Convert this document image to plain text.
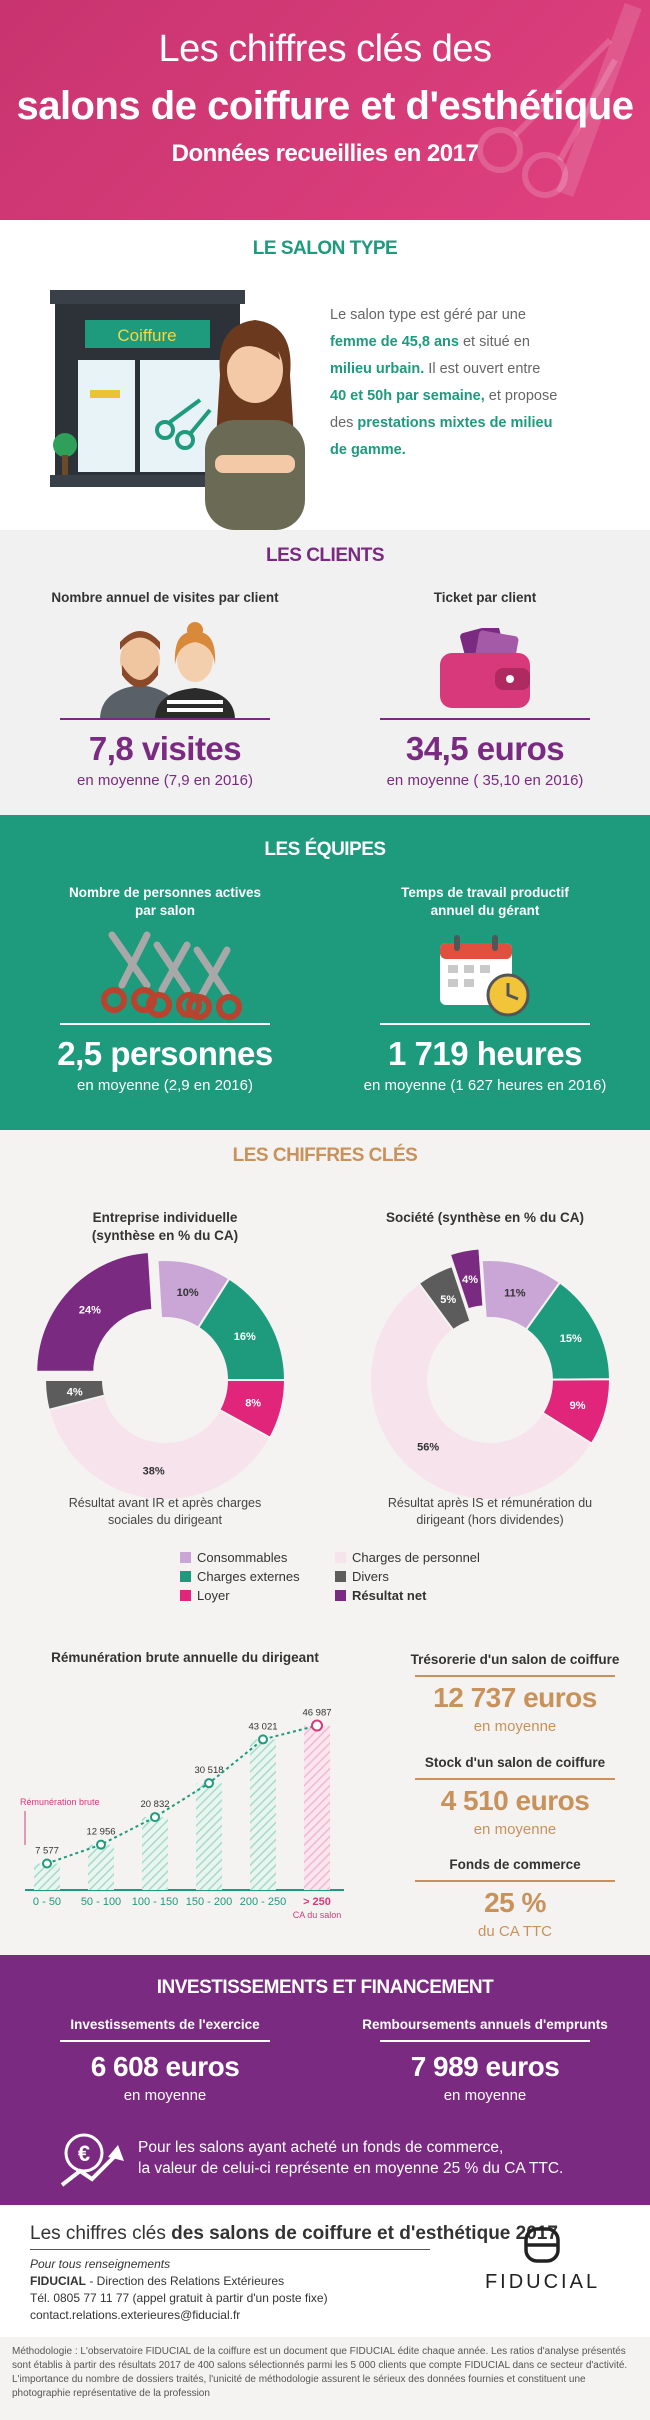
Les chiffres clés des
salons de coiffure et d'esthétique
Données recueillies en 2017
LE SALON TYPE
Coiffure
Le salon type est géré par une femme de 45,8 ans et situé en milieu urbain. Il est ouvert entre 40 et 50h par semaine, et propose des prestations mixtes de milieu de gamme.
LES CLIENTS
Nombre annuel de visites par client
7,8 visites
en moyenne (7,9 en 2016)
Ticket par client
34,5 euros
en moyenne ( 35,10 en 2016)
LES ÉQUIPES
Nombre de personnes actives
par salon
2,5 personnes
en moyenne (2,9 en 2016)
Temps de travail productif
annuel du gérant
1 719 heures
en moyenne (1 627 heures en 2016)
LES CHIFFRES CLÉS
Entreprise individuelle
(synthèse en % du CA)
10%
16%
8%
38%
4%
24%
Résultat avant IR et après charges sociales du dirigeant
Société (synthèse en % du CA)
11%
15%
9%
56%
5%
4%
Résultat après IS et rémunération du dirigeant (hors dividendes)
Consommables	Charges de personnel
Charges externes	Divers
Loyer	Résultat net
Rémunération brute annuelle du dirigeant
7 577
0 - 50
12 956
50 - 100
20 832
100 - 150
30 518
150 - 200
43 021
200 - 250
46 987
> 250
Rémunération brute
CA du salon
Trésorerie d'un salon de coiffure
12 737 euros
en moyenne
Stock d'un salon de coiffure
4 510 euros
en moyenne
Fonds de commerce
25 %
du CA TTC
INVESTISSEMENTS ET FINANCEMENT
Investissements de l'exercice
6 608 euros
en moyenne
Remboursements annuels d'emprunts
7 989 euros
en moyenne
€	Pour les salons ayant acheté un fonds de commerce,
la valeur de celui-ci représente en moyenne 25 % du CA TTC.
Les chiffres clés des salons de coiffure et d'esthétique 2017
Pour tous renseignements
FIDUCIAL - Direction des Relations Extérieures
Tél. 0805 77 11 77 (appel gratuit à partir d'un poste fixe)
contact.relations.exterieures@fiducial.fr
FIDUCIAL
Méthodologie : L'observatoire FIDUCIAL de la coiffure est un document que FIDUCIAL édite chaque année. Les ratios d'analyse présentés sont établis à partir des résultats 2017 de 400 salons sélectionnés parmi les 5 000 clients que compte FIDUCIAL dans ce secteur d'activité. L'importance du nombre de dossiers traités, l'unicité de méthodologie assurent le sérieux des données fournies et constituent une photographie représentative de la profession
